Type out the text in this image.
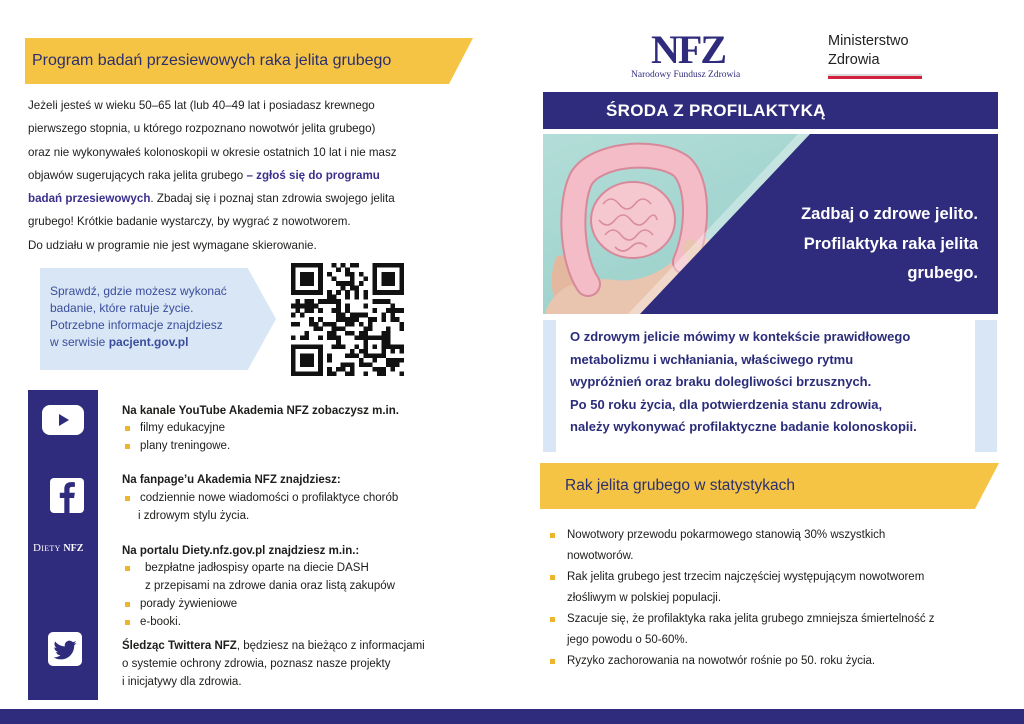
Program badań przesiewowych raka jelita grubego
Jeżeli jesteś w wieku 50–65 lat (lub 40–49 lat i posiadasz krewnego
pierwszego stopnia, u którego rozpoznano nowotwór jelita grubego)
oraz nie wykonywałeś kolonoskopii w okresie ostatnich 10 lat i nie masz
objawów sugerujących raka jelita grubego – zgłoś się do programu
badań przesiewowych. Zbadaj się i poznaj stan zdrowia swojego jelita
grubego! Krótkie badanie wystarczy, by wygrać z nowotworem.
Do udziału w programie nie jest wymagane skierowanie.
Sprawdź, gdzie możesz wykonać
badanie, które ratuje życie.
Potrzebne informacje znajdziesz
w serwisie pacjent.gov.pl
Diety NFZ
Na kanale YouTube Akademia NFZ zobaczysz m.in.
filmy edukacyjne
plany treningowe.
Na fanpage’u Akademia NFZ znajdziesz:
codziennie nowe wiadomości o profilaktyce chorób
i zdrowym stylu życia.
Na portalu Diety.nfz.gov.pl znajdziesz m.in.:
bezpłatne jadłospisy oparte na diecie DASH
z przepisami na zdrowe dania oraz listą zakupów
porady żywieniowe
e-booki.
Śledząc Twittera NFZ, będziesz na bieżąco z informacjami
o systemie ochrony zdrowia, poznasz nasze projekty
i inicjatywy dla zdrowia.
NFZ
Narodowy Fundusz Zdrowia
Ministerstwo
Zdrowia
ŚRODA Z PROFILAKTYKĄ
Zadbaj o zdrowe jelito.
Profilaktyka raka jelita
grubego.
O zdrowym jelicie mówimy w kontekście prawidłowego
metabolizmu i wchłaniania, właściwego rytmu
wypróżnień oraz braku dolegliwości brzusznych.
Po 50 roku życia, dla potwierdzenia stanu zdrowia,
należy wykonywać profilaktyczne badanie kolonoskopii.
Rak jelita grubego w statystykach
Nowotwory przewodu pokarmowego stanowią 30% wszystkich
nowotworów.
Rak jelita grubego jest trzecim najczęściej występującym nowotworem
złośliwym w polskiej populacji.
Szacuje się, że profilaktyka raka jelita grubego zmniejsza śmiertelność z
jego powodu o 50-60%.
Ryzyko zachorowania na nowotwór rośnie po 50. roku życia.
